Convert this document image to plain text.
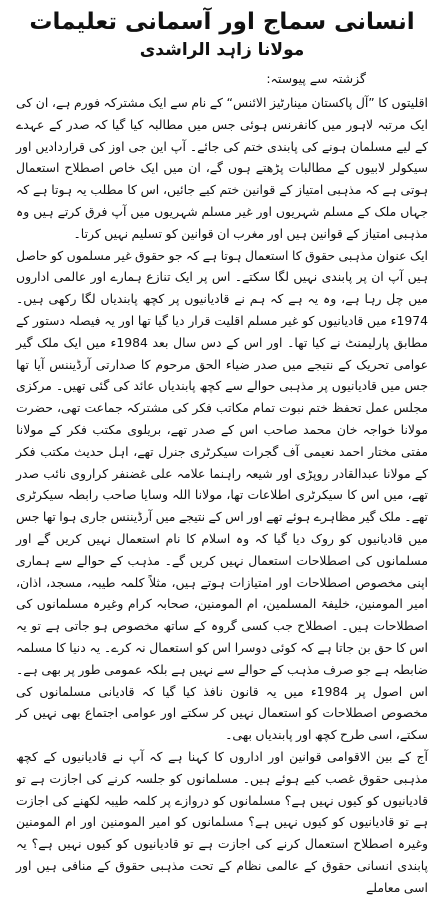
انسانی سماج اور آسمانی تعلیمات
مولانا زاہد الراشدی
گزشتہ سے پیوستہ:

اقلیتوں کا ”آل پاکستان مینارٹیز الائنس“ کے نام سے ایک مشترکہ فورم ہے، ان کی ایک مرتبہ لاہور میں کانفرنس ہوئی جس میں مطالبہ کیا گیا کہ صدر کے عہدے کے لیے مسلمان ہونے کی پابندی ختم کی جائے۔ آپ این جی اوز کی قراردادیں اور سیکولر لابیوں کے مطالبات پڑھتے ہوں گے، ان میں ایک خاص اصطلاح استعمال ہوتی ہے کہ مذہبی امتیاز کے قوانین ختم کیے جائیں، اس کا مطلب یہ ہوتا ہے کہ جہاں ملک کے مسلم شہریوں اور غیر مسلم شہریوں میں آپ فرق کرتے ہیں وہ مذہبی امتیاز کے قوانین ہیں اور مغرب ان قوانین کو تسلیم نہیں کرتا۔

ایک عنوان مذہبی حقوق کا استعمال ہوتا ہے کہ جو حقوق غیر مسلموں کو حاصل ہیں آپ ان پر پابندی نہیں لگا سکتے۔ اس پر ایک تنازع ہمارے اور عالمی اداروں میں چل رہا ہے، وہ یہ ہے کہ ہم نے قادیانیوں پر کچھ پابندیاں لگا رکھی ہیں۔ 1974ء میں قادیانیوں کو غیر مسلم اقلیت قرار دیا گیا تھا اور یہ فیصلہ دستور کے مطابق پارلیمنٹ نے کیا تھا۔ اور اس کے دس سال بعد 1984ء میں ایک ملک گیر عوامی تحریک کے نتیجے میں صدر ضیاء الحق مرحوم کا صدارتی آرڈیننس آیا تھا جس میں قادیانیوں پر مذہبی حوالے سے کچھ پابندیاں عائد کی گئی تھیں۔ مرکزی مجلس عمل تحفظ ختم نبوت تمام مکاتب فکر کی مشترکہ جماعت تھی، حضرت مولانا خواجہ خان محمد صاحب اس کے صدر تھے، بریلوی مکتب فکر کے مولانا مفتی مختار احمد نعیمی آف گجرات سیکرٹری جنرل تھے، اہل حدیث مکتب فکر کے مولانا عبدالقادر روپڑی اور شیعہ راہنما علامہ علی غضنفر کراروی نائب صدر تھے، میں اس کا سیکرٹری اطلاعات تھا، مولانا اللہ وسایا صاحب رابطہ سیکرٹری تھے۔ ملک گیر مظاہرے ہوئے تھے اور اس کے نتیجے میں آرڈیننس جاری ہوا تھا جس میں قادیانیوں کو روک دیا گیا کہ وہ اسلام کا نام استعمال نہیں کریں گے اور مسلمانوں کی اصطلاحات استعمال نہیں کریں گے۔ مذہب کے حوالے سے ہماری اپنی مخصوص اصطلاحات اور امتیازات ہوتے ہیں، مثلاً کلمہ طیبہ، مسجد، اذان، امیر المومنین، خلیفۃ المسلمین، ام المومنین، صحابہ کرام وغیرہ مسلمانوں کی اصطلاحات ہیں۔ اصطلاح جب کسی گروہ کے ساتھ مخصوص ہو جاتی ہے تو یہ اس کا حق بن جاتا ہے کہ کوئی دوسرا اس کو استعمال نہ کرے۔ یہ دنیا کا مسلمہ ضابطہ ہے جو صرف مذہب کے حوالے سے نہیں ہے بلکہ عمومی طور پر بھی ہے۔ اس اصول پر 1984ء میں یہ قانون نافذ کیا گیا کہ قادیانی مسلمانوں کی مخصوص اصطلاحات کو استعمال نہیں کر سکتے اور عوامی اجتماع بھی نہیں کر سکتے، اسی طرح کچھ اور پابندیاں بھی۔

آج کے بین الاقوامی قوانین اور اداروں کا کہنا ہے کہ آپ نے قادیانیوں کے کچھ مذہبی حقوق غصب کیے ہوئے ہیں۔ مسلمانوں کو جلسہ کرنے کی اجازت ہے تو قادیانیوں کو کیوں نہیں ہے؟ مسلمانوں کو دروازے پر کلمہ طیبہ لکھنے کی اجازت ہے تو قادیانیوں کو کیوں نہیں ہے؟ مسلمانوں کو امیر المومنین اور ام المومنین وغیرہ اصطلاح استعمال کرنے کی اجازت ہے تو قادیانیوں کو کیوں نہیں ہے؟ یہ پابندی انسانی حقوق کے عالمی نظام کے تحت مذہبی حقوق کے منافی ہیں اور اسی معاملے
